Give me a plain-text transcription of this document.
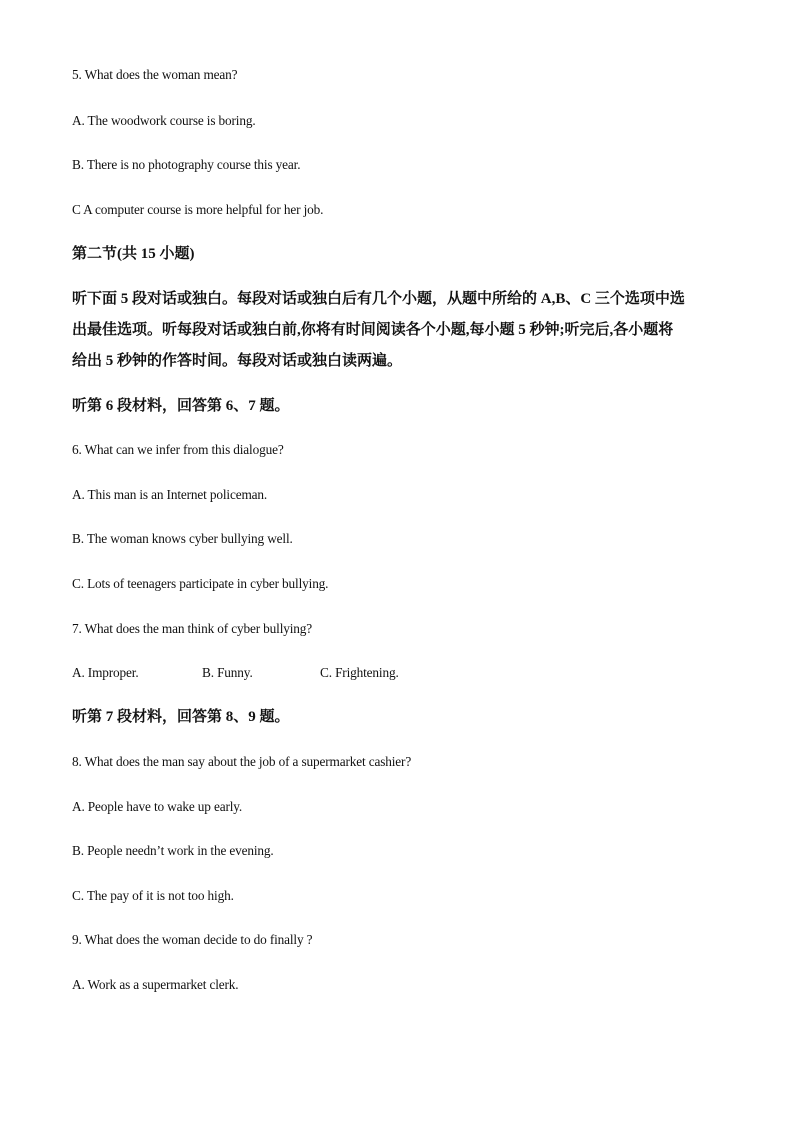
5. What does the woman mean?
A. The woodwork course is boring.
B. There is no photography course this year.
C A computer course is more helpful for her job.
第二节(共 15 小题)
听下面 5 段对话或独白。每段对话或独白后有几个小题，从题中所给的 A,B、C 三个选项中选
出最佳选项。听每段对话或独白前,你将有时间阅读各个小题,每小题 5 秒钟;听完后,各小题将
给出 5 秒钟的作答时间。每段对话或独白读两遍。
听第 6 段材料，回答第 6、7 题。
6. What can we infer from this dialogue?
A. This man is an Internet policeman.
B. The woman knows cyber bullying well.
C. Lots of teenagers participate in cyber bullying.
7. What does the man think of cyber bullying?
A. Improper.	B. Funny.	C. Frightening.
听第 7 段材料，回答第 8、9 题。
8. What does the man say about the job of a supermarket cashier?
A. People have to wake up early.
B. People needn’t work in the evening.
C. The pay of it is not too high.
9. What does the woman decide to do finally ?
A. Work as a supermarket clerk.
